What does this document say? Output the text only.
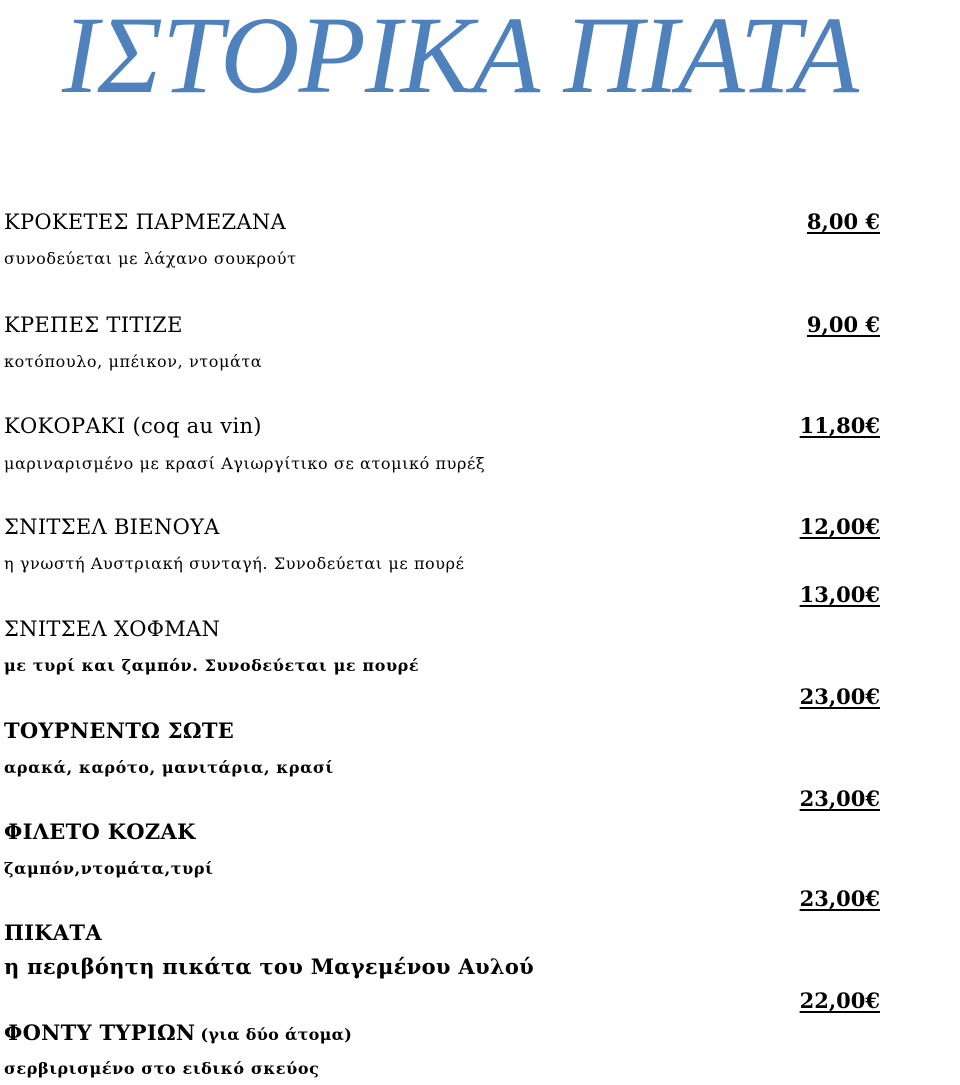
ΙΣΤΟΡΙΚΑ ΠΙΑΤΑ
ΚΡΟΚΕΤΕΣ ΠΑΡΜΕΖΑΝΑ
συνοδεύεται με λάχανο σουκρούτ
8,00 €
ΚΡΕΠΕΣ ΤΙΤΙΖΕ
κοτόπουλο, μπέικον, ντομάτα
9,00 €
ΚΟΚΟΡΑΚΙ (coq au vin)
μαριναρισμένο με κρασί Αγιωργίτικο σε ατομικό πυρέξ
11,80€
ΣΝΙΤΣΕΛ ΒΙΕΝΟΥΑ
η γνωστή Αυστριακή συνταγή. Συνοδεύεται με πουρέ
12,00€
13,00€
ΣΝΙΤΣΕΛ ΧΟΦΜΑΝ
με τυρί και ζαμπόν. Συνοδεύεται με πουρέ
23,00€
ΤΟΥΡΝΕΝΤΩ ΣΩΤΕ
αρακά, καρότο, μανιτάρια, κρασί
23,00€
ΦΙΛΕΤΟ ΚΟΖΑΚ
ζαμπόν,ντομάτα,τυρί
23,00€
ΠΙΚΑΤΑ
η περιβόητη πικάτα του Μαγεμένου Αυλού
22,00€
ΦΟΝΤΥ ΤΥΡΙΩΝ (για δύο άτομα)
σερβιρισμένο στο ειδικό σκεύος
